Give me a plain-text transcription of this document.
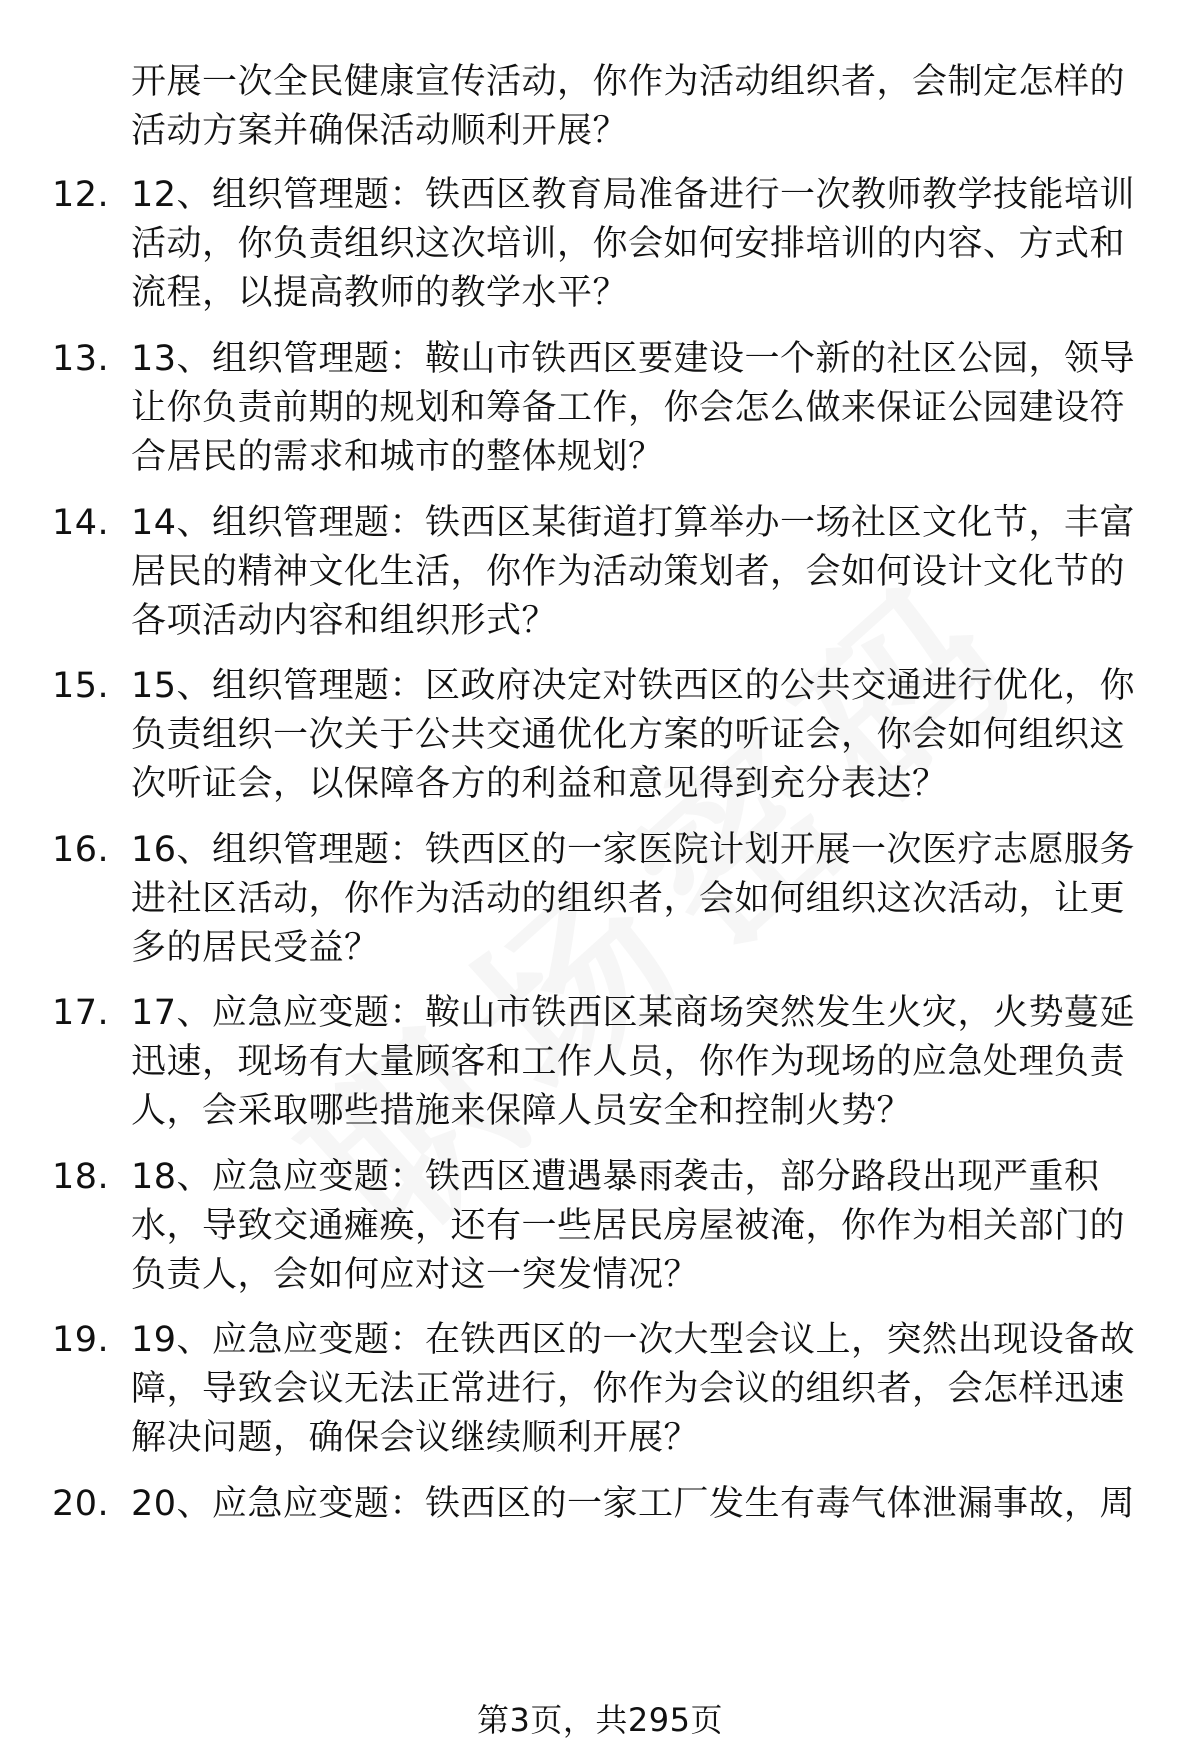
开展一次全民健康宣传活动，你作为活动组织者，会制定怎样的
活动方案并确保活动顺利开展？
12. 12、组织管理题：铁西区教育局准备进行一次教师教学技能培训
活动，你负责组织这次培训，你会如何安排培训的内容、方式和
流程，以提高教师的教学水平？
13. 13、组织管理题：鞍山市铁西区要建设一个新的社区公园，领导
让你负责前期的规划和筹备工作，你会怎么做来保证公园建设符
合居民的需求和城市的整体规划？
14. 14、组织管理题：铁西区某街道打算举办一场社区文化节，丰富
居民的精神文化生活，你作为活动策划者，会如何设计文化节的
各项活动内容和组织形式？
15. 15、组织管理题：区政府决定对铁西区的公共交通进行优化，你
负责组织一次关于公共交通优化方案的听证会，你会如何组织这
次听证会，以保障各方的利益和意见得到充分表达？
16. 16、组织管理题：铁西区的一家医院计划开展一次医疗志愿服务
进社区活动，你作为活动的组织者，会如何组织这次活动，让更
多的居民受益？
17. 17、应急应变题：鞍山市铁西区某商场突然发生火灾，火势蔓延
迅速，现场有大量顾客和工作人员，你作为现场的应急处理负责
人，会采取哪些措施来保障人员安全和控制火势？
18. 18、应急应变题：铁西区遭遇暴雨袭击，部分路段出现严重积
水，导致交通瘫痪，还有一些居民房屋被淹，你作为相关部门的
负责人，会如何应对这一突发情况？
19. 19、应急应变题：在铁西区的一次大型会议上，突然出现设备故
障，导致会议无法正常进行，你作为会议的组织者，会怎样迅速
解决问题，确保会议继续顺利开展？
20. 20、应急应变题：铁西区的一家工厂发生有毒气体泄漏事故，周
第3页，共295页
